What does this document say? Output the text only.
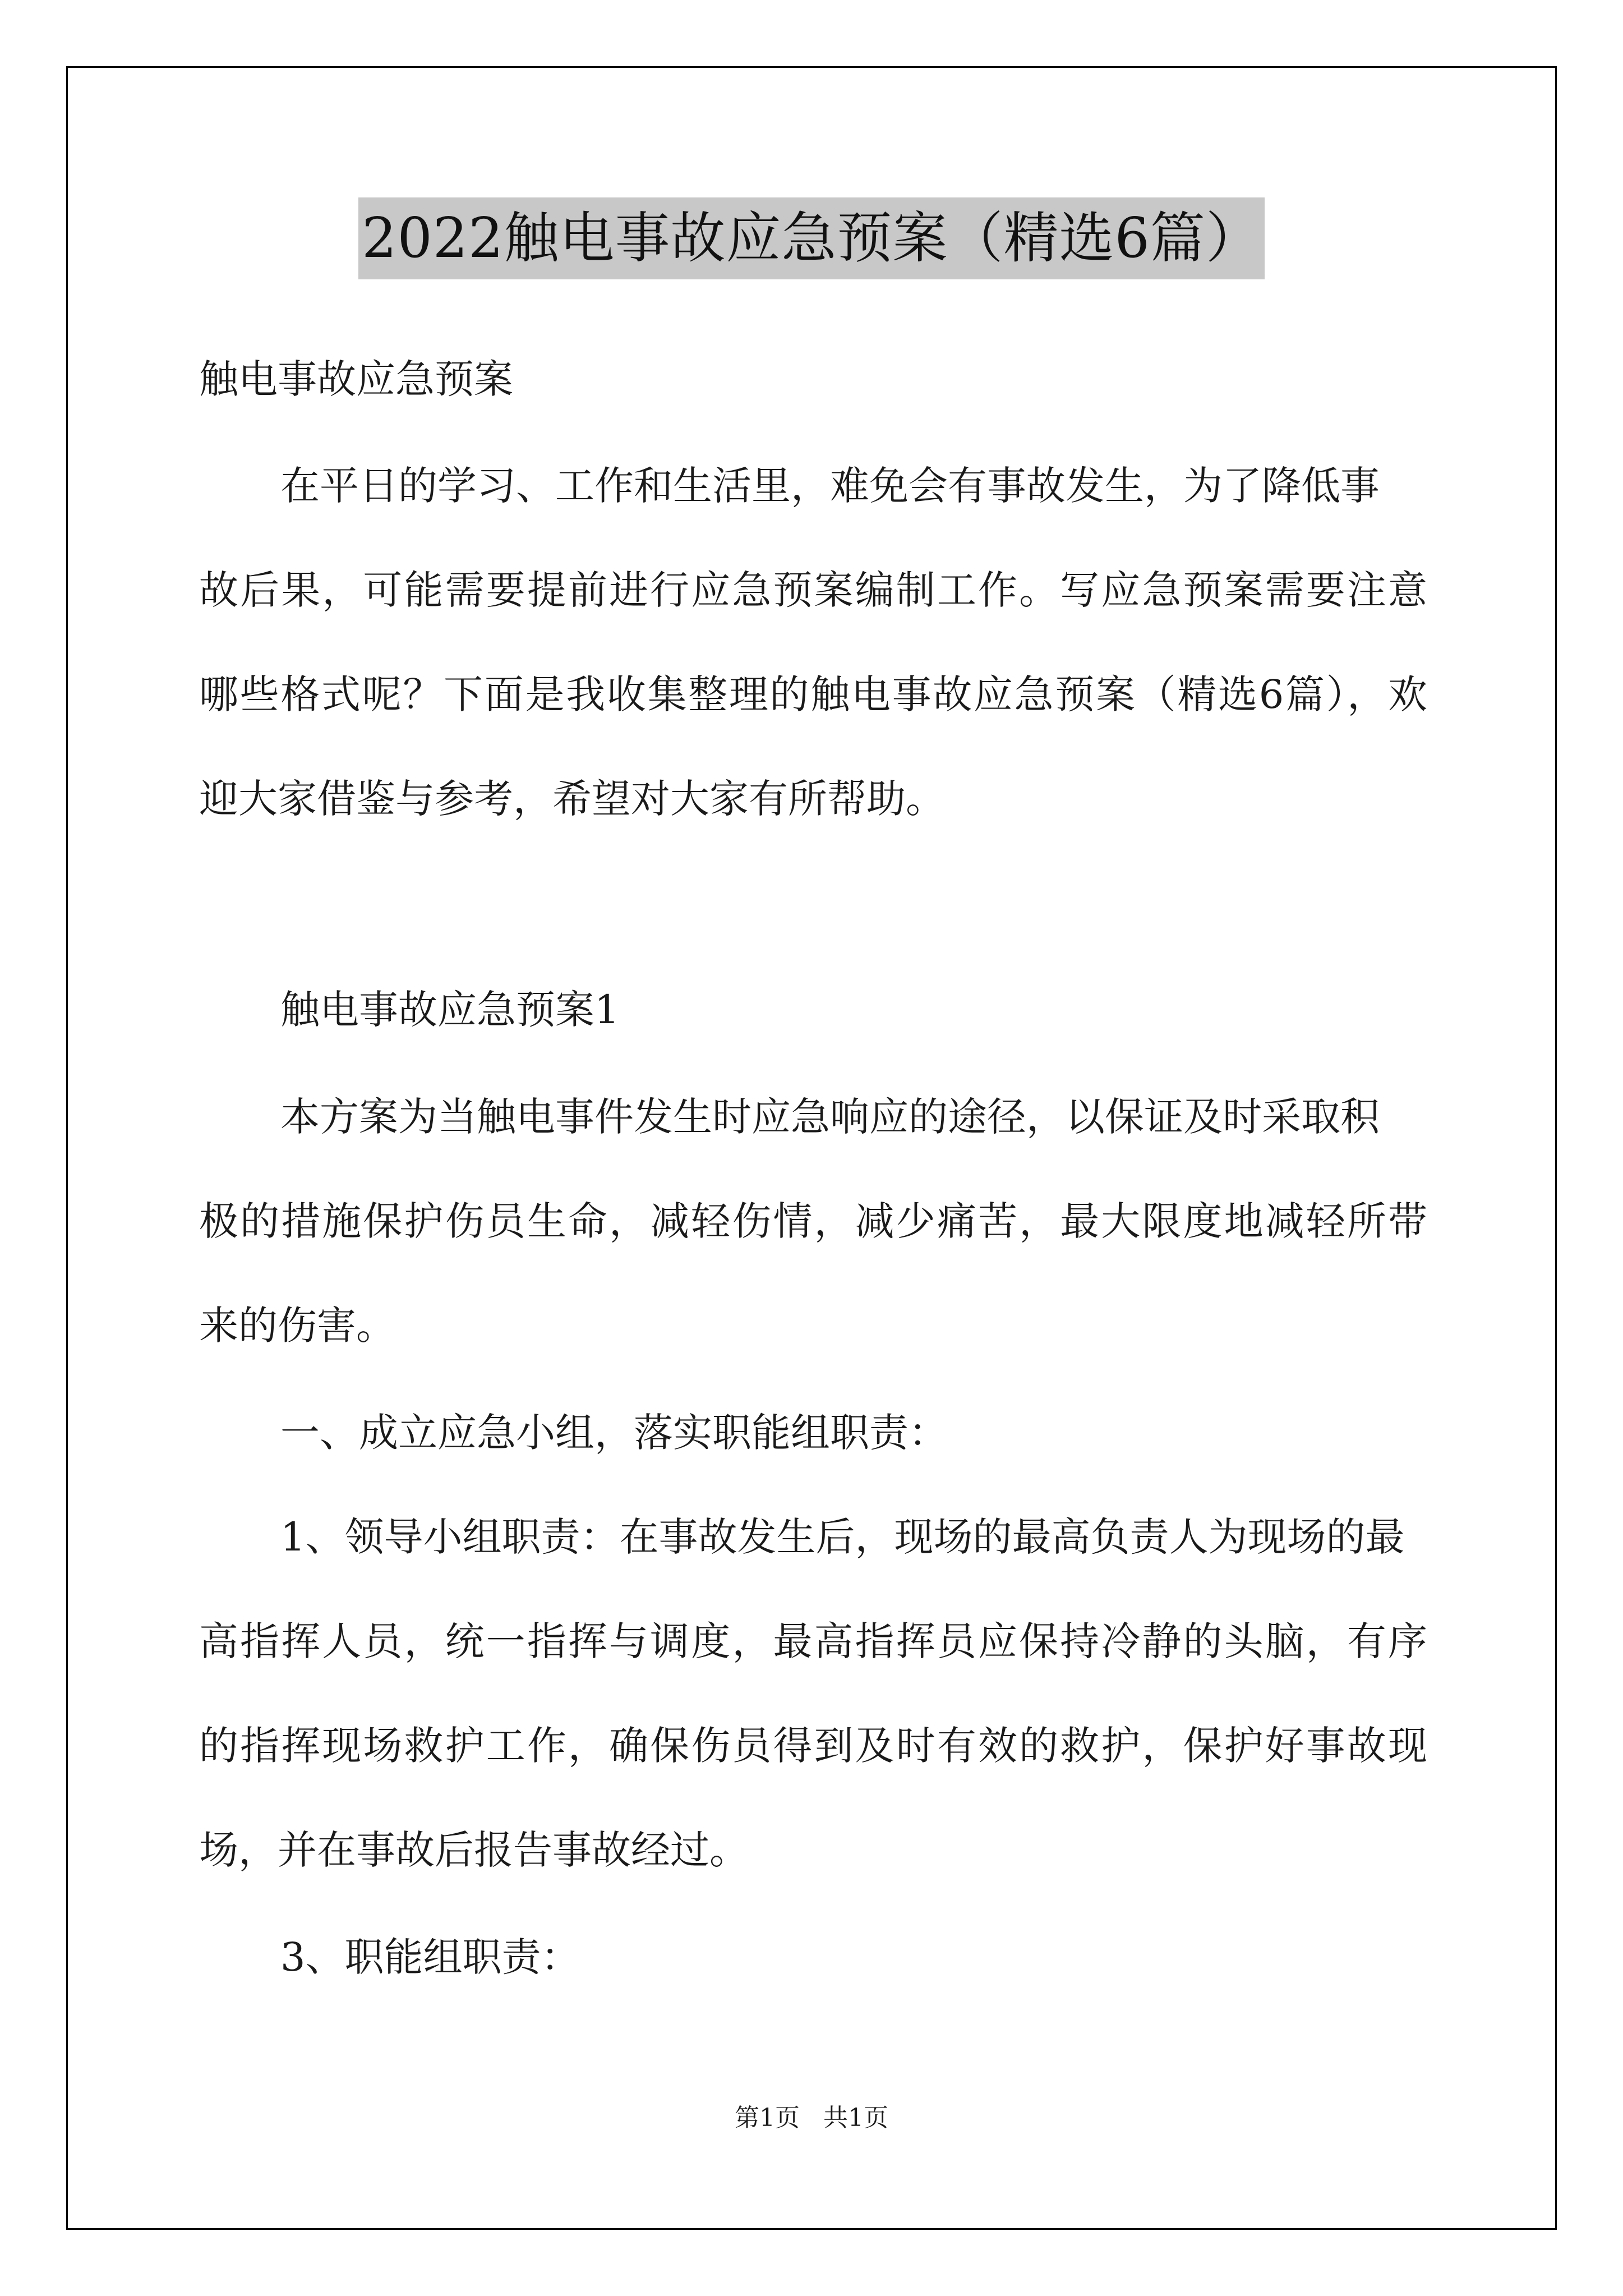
2022触电事故应急预案（精选6篇）
触电事故应急预案
在平日的学习、工作和生活里，难免会有事故发生，为了降低事
故后果，可能需要提前进行应急预案编制工作。写应急预案需要注意
哪些格式呢？下面是我收集整理的触电事故应急预案（精选6篇），欢
迎大家借鉴与参考，希望对大家有所帮助。
触电事故应急预案1
本方案为当触电事件发生时应急响应的途径，以保证及时采取积
极的措施保护伤员生命，减轻伤情，减少痛苦，最大限度地减轻所带
来的伤害。
一、成立应急小组，落实职能组职责：
1、领导小组职责：在事故发生后，现场的最高负责人为现场的最
高指挥人员，统一指挥与调度，最高指挥员应保持冷静的头脑，有序
的指挥现场救护工作，确保伤员得到及时有效的救护，保护好事故现
场，并在事故后报告事故经过。
3、职能组职责：
第1页   共1页
